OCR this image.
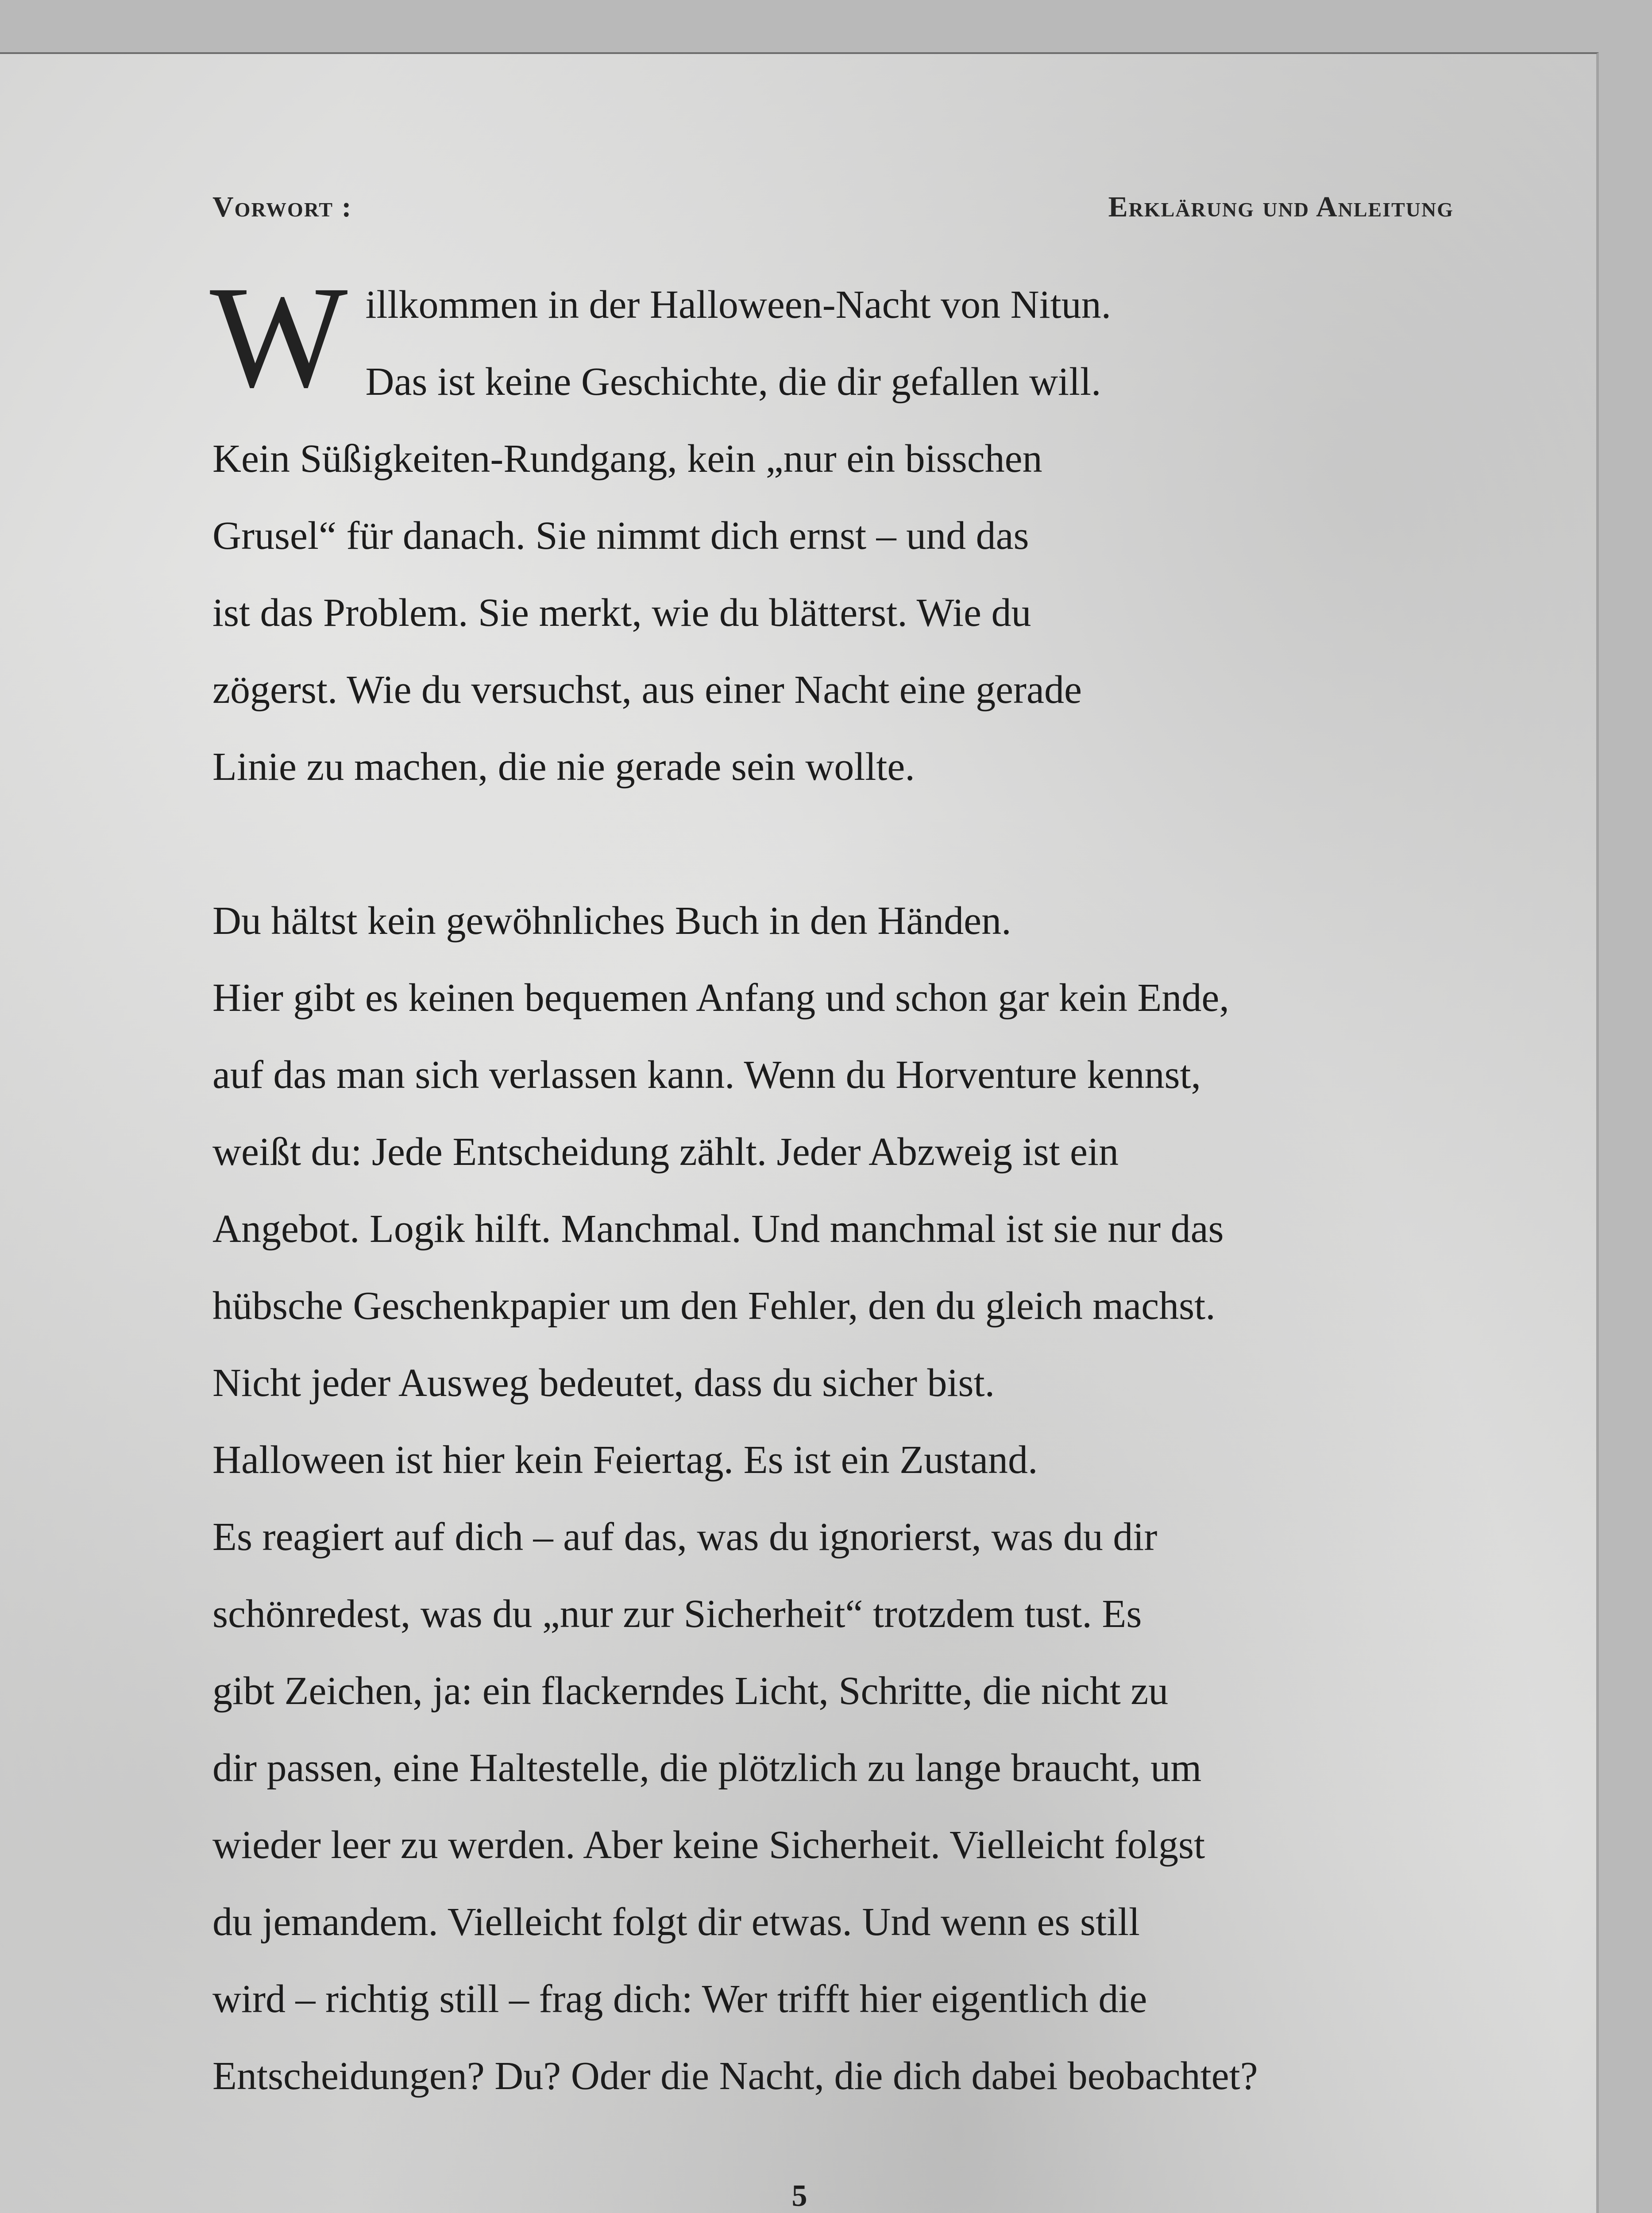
Vorwort :	Erklärung und Anleitung
W illkommen in der Halloween-Nacht von Nitun.
Das ist keine Geschichte, die dir gefallen will.
Kein Süßigkeiten-Rundgang, kein „nur ein bisschen
Grusel“ für danach. Sie nimmt dich ernst – und das
ist das Problem. Sie merkt, wie du blätterst. Wie du
zögerst. Wie du versuchst, aus einer Nacht eine gerade
Linie zu machen, die nie gerade sein wollte.
Du hältst kein gewöhnliches Buch in den Händen.
Hier gibt es keinen bequemen Anfang und schon gar kein Ende,
auf das man sich verlassen kann. Wenn du Horventure kennst,
weißt du: Jede Entscheidung zählt. Jeder Abzweig ist ein
Angebot. Logik hilft. Manchmal. Und manchmal ist sie nur das
hübsche Geschenkpapier um den Fehler, den du gleich machst.
Nicht jeder Ausweg bedeutet, dass du sicher bist.
Halloween ist hier kein Feiertag. Es ist ein Zustand.
Es reagiert auf dich – auf das, was du ignorierst, was du dir
schönredest, was du „nur zur Sicherheit“ trotzdem tust. Es
gibt Zeichen, ja: ein flackerndes Licht, Schritte, die nicht zu
dir passen, eine Haltestelle, die plötzlich zu lange braucht, um
wieder leer zu werden. Aber keine Sicherheit. Vielleicht folgst
du jemandem. Vielleicht folgt dir etwas. Und wenn es still
wird – richtig still – frag dich: Wer trifft hier eigentlich die
Entscheidungen? Du? Oder die Nacht, die dich dabei beobachtet?
5
